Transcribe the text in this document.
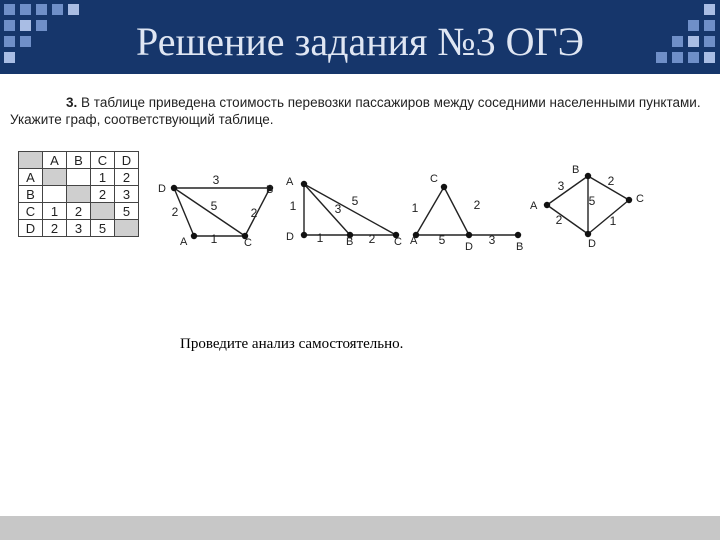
Решение задания №3 ОГЭ
3. В таблице приведена стоимость перевозки пассажиров между соседними населенными пунктами. Укажите граф, соответствующий таблице.
	A	B	C	D
A			1	2
B			2	3
C	1	2		5
D	2	3	5	
3
2	5	2
1
D	B
A	C
1	3
5
1	2
A
D	B	C
1	2
5	3
C
A	D	B
3	2
5
2	1
B
A
C
D
Проведите анализ самостоятельно.
